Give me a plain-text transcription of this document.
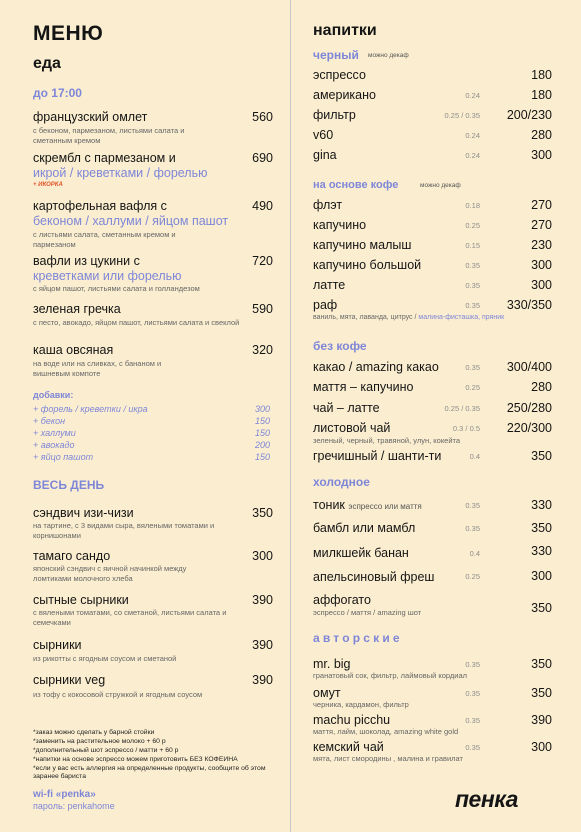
МЕНЮ
еда
до 17:00
французский омлет	560
с беконом, пармезаном, листьями салата и сметанным кремом
скрембл с пармезаном и
икрой / креветками / форелью
690
+ ИКОРКА
картофельная вафля с
беконом / халлуми / яйцом пашот
490
с листьями салата, сметанным кремом и пармезаном
вафли из цукини с
креветками или форелью
720
с яйцом пашот, листьями салата и голландезом
зеленая гречка	590
с песто, авокадо, яйцом пашот, листьями салата и свеклой
каша овсяная	320
на воде или на сливках, с бананом и вишневым компоте
добавки:
+ форель / креветки / икра	300
+ бекон	150
+ халлуми	150
+ авокадо	200
+ яйцо пашот	150
ВЕСЬ ДЕНЬ
сэндвич изи-чизи	350
на тартине, с 3 видами сыра, вялеными томатами и корнишонами
тамаго сандо	300
японский сэндвич с яичной начинкой между ломтиками молочного хлеба
сытные сырники	390
с вялеными томатами, со сметаной, листьями салата и семечками
сырники	390
из рикотты с ягодным соусом и сметаной
сырники veg	390
из тофу с кокосовой стружкой и ягодным соусом
*заказ можно сделать у барной стойки
*заменить на растительное молоко + 60 р
*дополнительный шот эспрессо / матти + 60 р
*напитки на основе эспрессо можем приготовить БЕЗ КОФЕИНА
*если у вас есть аллергия на определенные продукты, сообщите об этом заранее бариста
wi-fi «penka»
пароль: penkahome
напитки
черный можно декаф
эспрессо	180
американо	0.24	180
фильтр	0.25 / 0.35	200/230
v60	0.24	280
gina	0.24	300
на основе кофе	можно декаф
флэт	0.18	270
капучино	0.25	270
капучино малыш	0.15	230
капучино большой	0.35	300
латте	0.35	300
раф	0.35	330/350
ваниль, мята, лаванда, цитрус / малина-фисташка, пряник
без кофе
какао / amazing какао	0.35	300/400
маття – капучино	0.25	280
чай – латте	0.25 / 0.35	250/280
листовой чай	0.3 / 0.5	220/300
зеленый, черный, травяной, улун, кокейта
гречишный / шанти-ти	0.4	350
холодное
тоник эспрессо или маття	0.35	330
бамбл или мамбл	0.35	350
милкшейк банан	0.4	330
апельсиновый фреш	0.25	300
аффогато
350
эспрессо / маття / amazing шот
авторские
mr. big	0.35	350
гранатовый сок, фильтр, лаймовый кордиал
омут	0.35	350
черника, кардамон, фильтр
machu picchu	0.35	390
маття, лайм, шоколад, amazing white gold
кемский чай	0.35	300
мята, лист смородины , малина и гравилат
пенка
